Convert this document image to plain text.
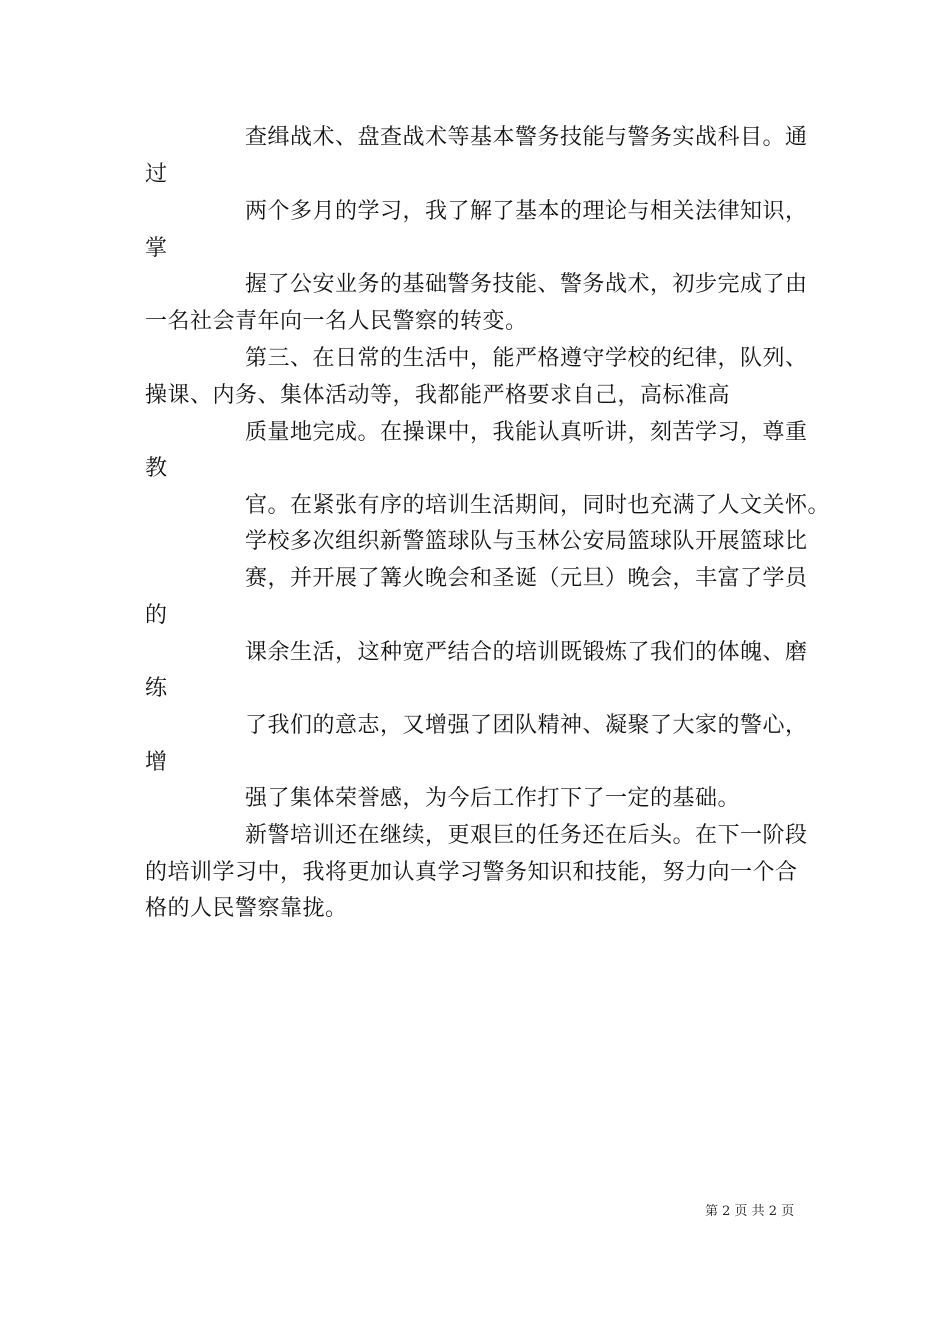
查缉战术、盘查战术等基本警务技能与警务实战科目。通

过

两个多月的学习，我了解了基本的理论与相关法律知识，

掌

握了公安业务的基础警务技能、警务战术，初步完成了由

一名社会青年向一名人民警察的转变。

第三、在日常的生活中，能严格遵守学校的纪律，队列、

操课、内务、集体活动等，我都能严格要求自己，高标准高

质量地完成。在操课中，我能认真听讲，刻苦学习，尊重

教

官。在紧张有序的培训生活期间，同时也充满了人文关怀。

学校多次组织新警篮球队与玉林公安局篮球队开展篮球比

赛，并开展了篝火晚会和圣诞（元旦）晚会，丰富了学员

的

课余生活，这种宽严结合的培训既锻炼了我们的体魄、磨

练

了我们的意志，又增强了团队精神、凝聚了大家的警心，

增

强了集体荣誉感，为今后工作打下了一定的基础。

新警培训还在继续，更艰巨的任务还在后头。在下一阶段

的培训学习中，我将更加认真学习警务知识和技能，努力向一个合

格的人民警察靠拢。

第 2 页 共 2 页
